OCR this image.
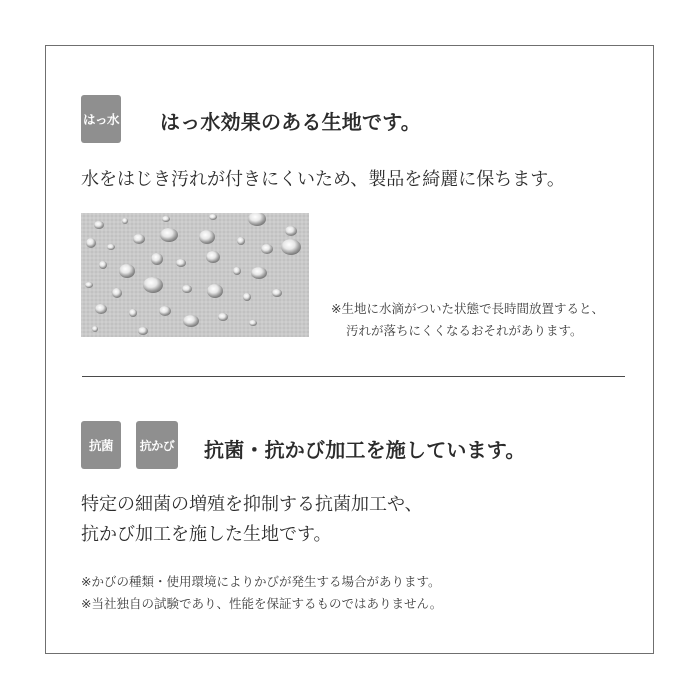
はっ水 はっ水効果のある生地です。
水をはじき汚れが付きにくいため、製品を綺麗に保ちます。
※生地に水滴がついた状態で長時間放置すると、
汚れが落ちにくくなるおそれがあります。
抗菌	抗かび 抗菌・抗かび加工を施しています。
特定の細菌の増殖を抑制する抗菌加工や、
抗かび加工を施した生地です。
※かびの種類・使用環境によりかびが発生する場合があります。
※当社独自の試験であり、性能を保証するものではありません。
